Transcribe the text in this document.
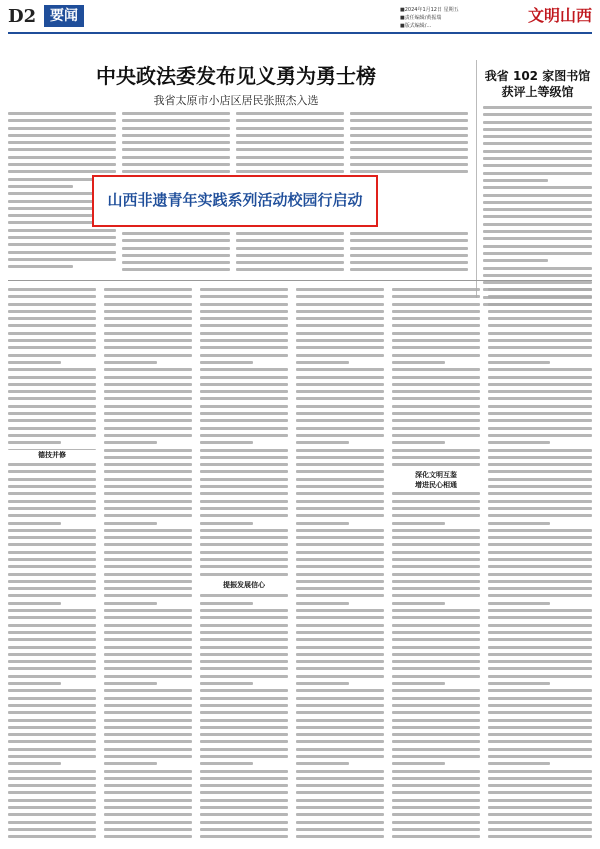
D2 要闻	■2024年1月12日 星期五
■责任编辑/黄振瑞
■版式编辑/…
文明山西
中央政法委发布见义勇为勇士榜
我省太原市小店区居民张照杰入选
我省 102 家图书馆
获评上等级馆
山西非遗青年实践系列活动校园行启动
德技并修
提振发展信心
深化文明互鉴
增进民心相通
